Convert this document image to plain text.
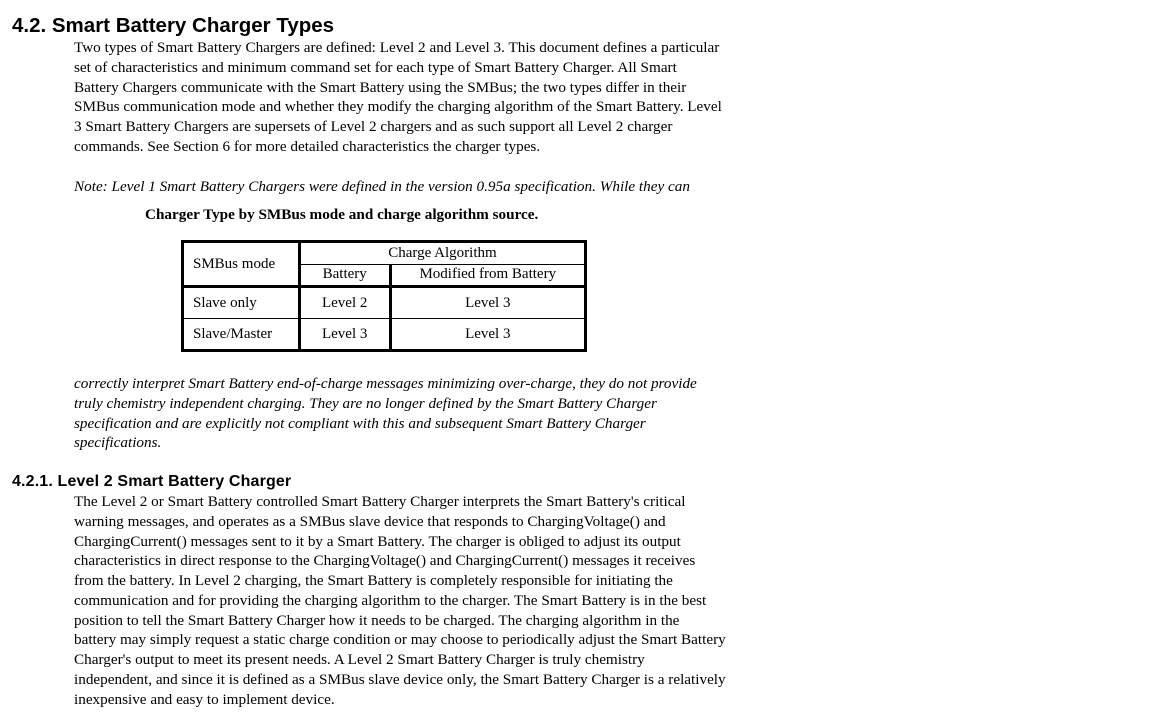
4.2. Smart Battery Charger Types

Two types of Smart Battery Chargers are defined: Level 2 and Level 3. This document defines a particular
set of characteristics and minimum command set for each type of Smart Battery Charger. All Smart
Battery Chargers communicate with the Smart Battery using the SMBus; the two types differ in their
SMBus communication mode and whether they modify the charging algorithm of the Smart Battery. Level
3 Smart Battery Chargers are supersets of Level 2 chargers and as such support all Level 2 charger
commands. See Section 6 for more detailed characteristics the charger types.

Note: Level 1 Smart Battery Chargers were defined in the version 0.95a specification. While they can

Charger Type by SMBus mode and charge algorithm source.

SMBus mode	Charge Algorithm	
	Battery	Modified from Battery
Slave only	Level 2	Level 3
Slave/Master	Level 3	Level 3

correctly interpret Smart Battery end-of-charge messages minimizing over-charge, they do not provide
truly chemistry independent charging. They are no longer defined by the Smart Battery Charger
specification and are explicitly not compliant with this and subsequent Smart Battery Charger
specifications.

4.2.1. Level 2 Smart Battery Charger

The Level 2 or Smart Battery controlled Smart Battery Charger interprets the Smart Battery's critical
warning messages, and operates as a SMBus slave device that responds to ChargingVoltage() and
ChargingCurrent() messages sent to it by a Smart Battery. The charger is obliged to adjust its output
characteristics in direct response to the ChargingVoltage() and ChargingCurrent() messages it receives
from the battery. In Level 2 charging, the Smart Battery is completely responsible for initiating the
communication and for providing the charging algorithm to the charger. The Smart Battery is in the best
position to tell the Smart Battery Charger how it needs to be charged. The charging algorithm in the
battery may simply request a static charge condition or may choose to periodically adjust the Smart Battery
Charger's output to meet its present needs. A Level 2 Smart Battery Charger is truly chemistry
independent, and since it is defined as a SMBus slave device only, the Smart Battery Charger is a relatively
inexpensive and easy to implement device.
